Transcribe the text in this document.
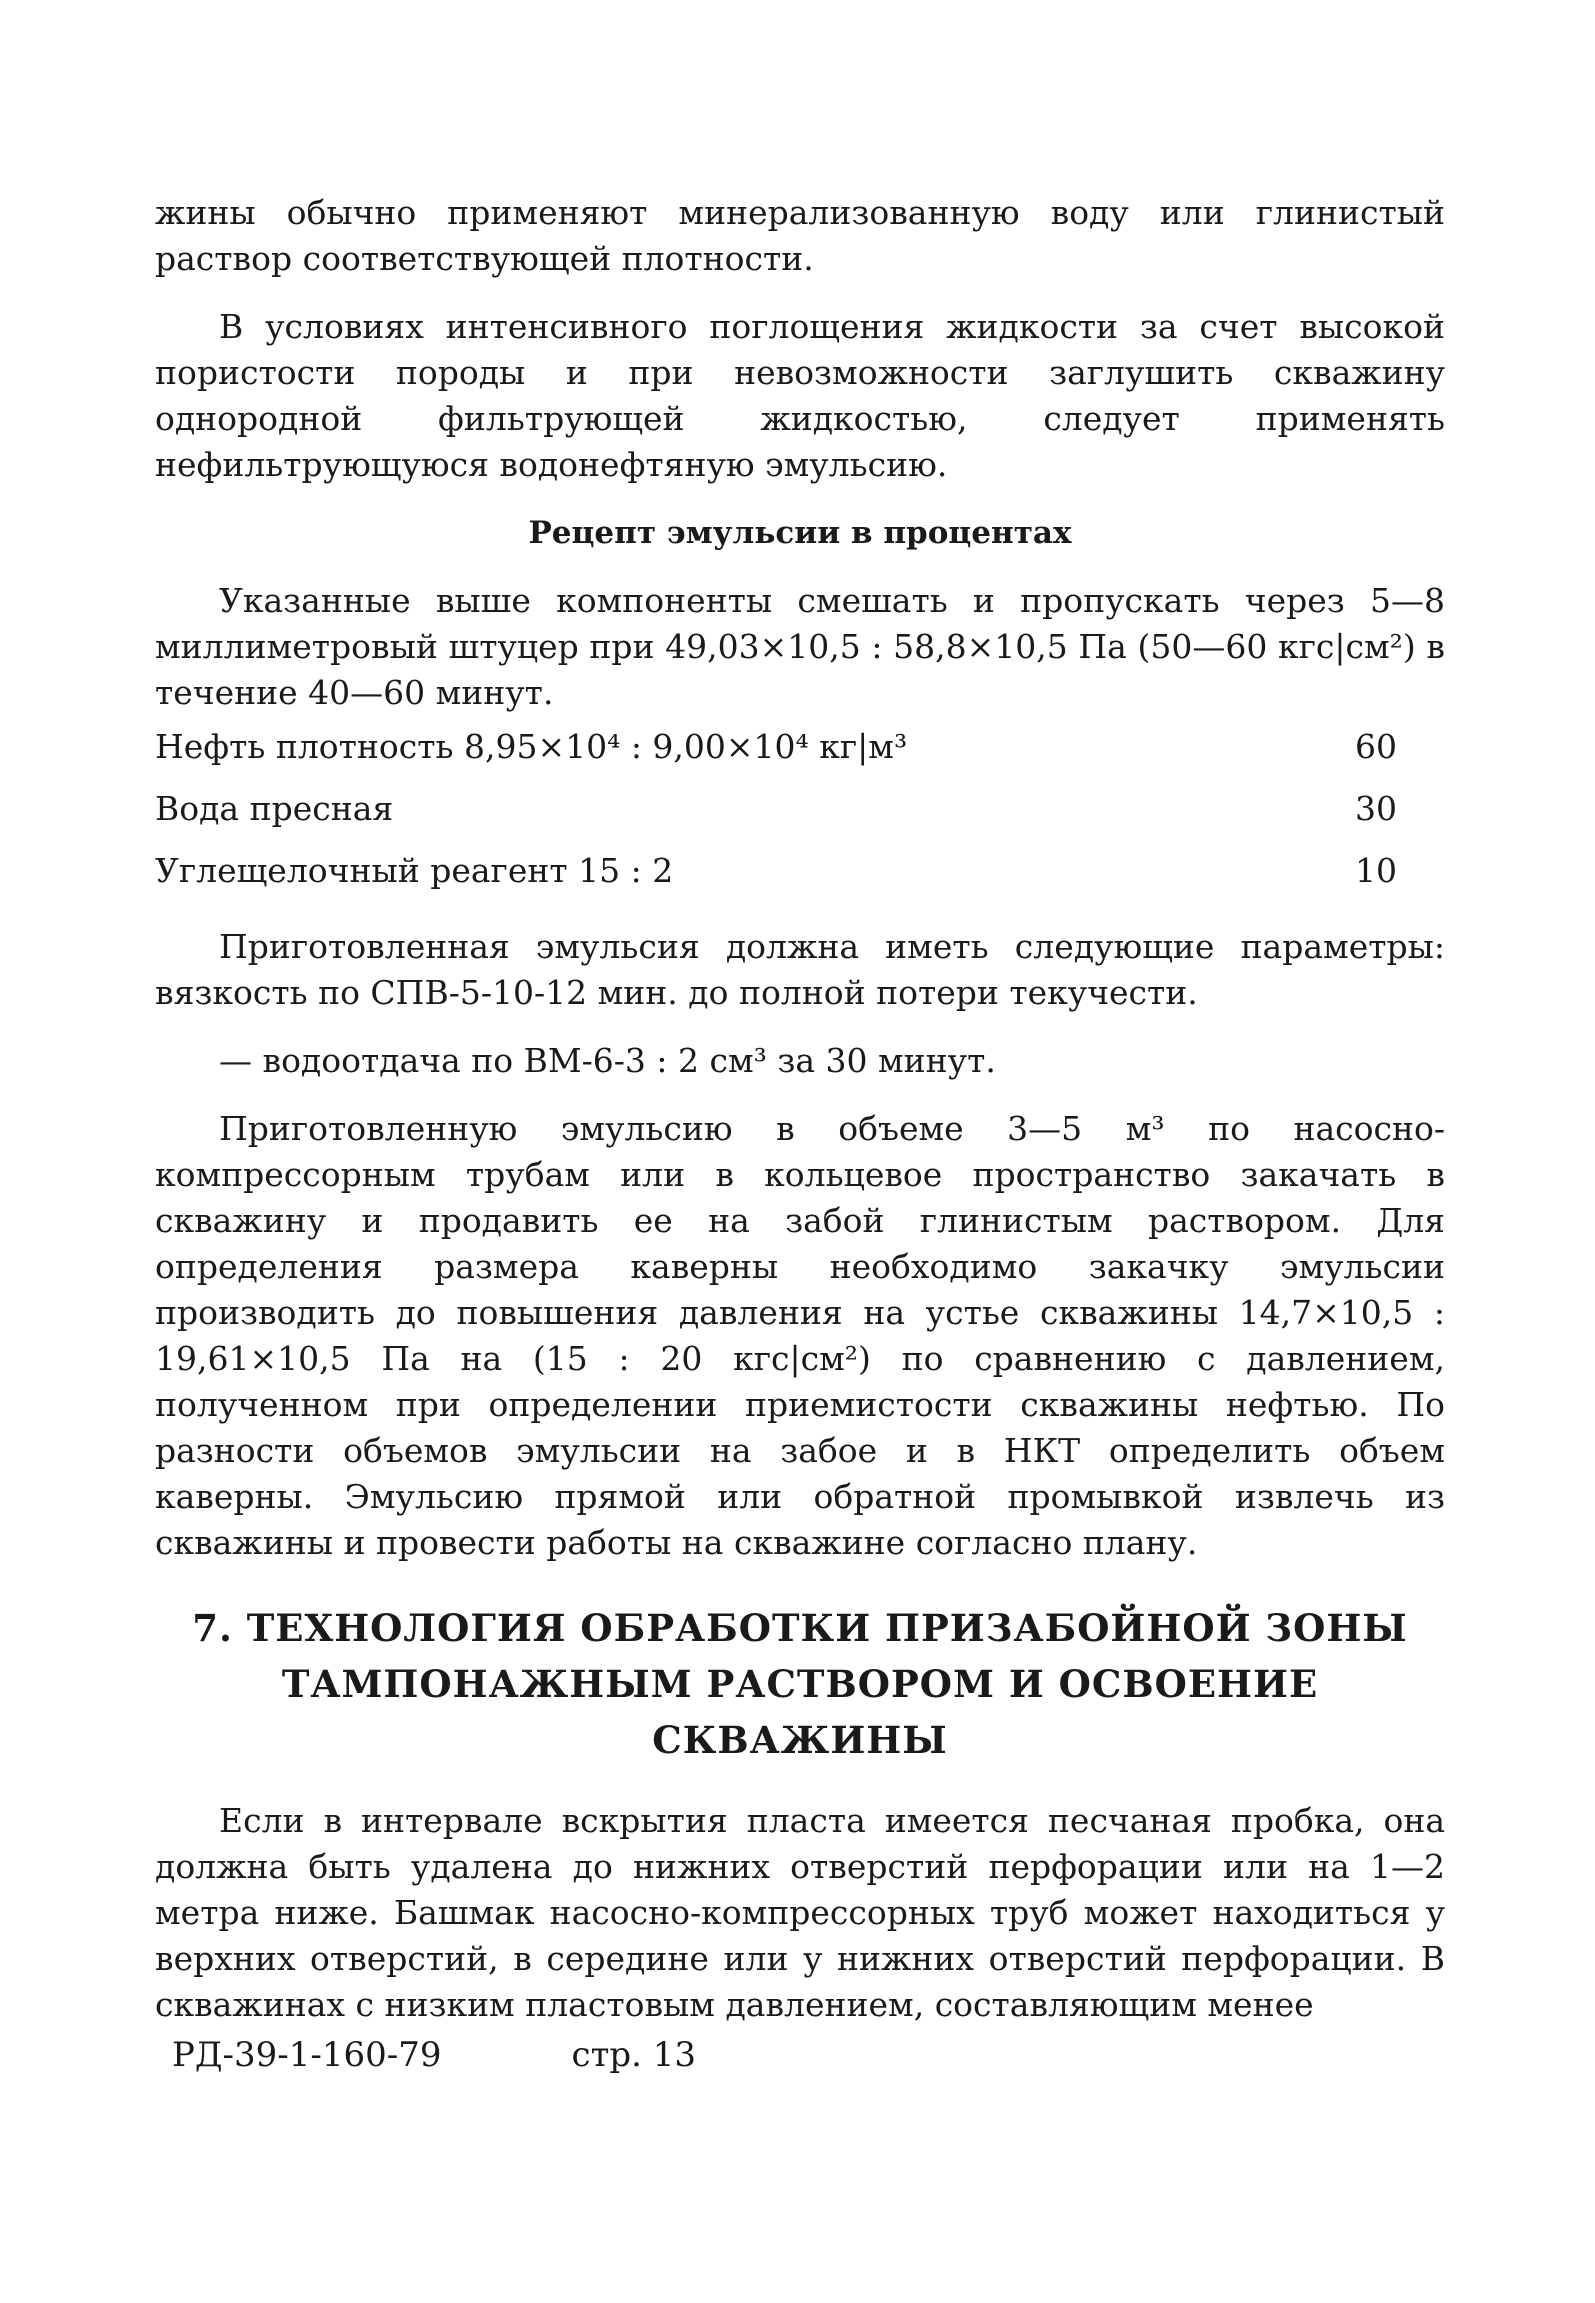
жины обычно применяют минерализованную воду или глинистый раствор соответствующей плотности.

В условиях интенсивного поглощения жидкости за счет высокой пористости породы и при невозможности заглушить скважину однородной фильтрующей жидкостью, следует применять нефильтрующуюся водонефтяную эмульсию.

Рецепт эмульсии в процентах

Указанные выше компоненты смешать и пропускать через 5—8 миллиметровый штуцер при 49,03×10,5 : 58,8×10,5 Па (50—60 кгс|см²) в течение 40—60 минут.

Нефть плотность 8,95×10⁴ : 9,00×10⁴ кг|м³	60
Вода пресная	30
Углещелочный реагент 15 : 2	10

Приготовленная эмульсия должна иметь следующие параметры: вязкость по СПВ-5-10-12 мин. до полной потери текучести.

— водоотдача по ВМ-6-3 : 2 см³ за 30 минут.

Приготовленную эмульсию в объеме 3—5 м³ по насосно-компрессорным трубам или в кольцевое пространство закачать в скважину и продавить ее на забой глинистым раствором. Для определения размера каверны необходимо закачку эмульсии производить до повышения давления на устье скважины 14,7×10,5 : 19,61×10,5 Па на (15 : 20 кгс|см²) по сравнению с давлением, полученном при определении приемистости скважины нефтью. По разности объемов эмульсии на забое и в НКТ определить объем каверны. Эмульсию прямой или обратной промывкой извлечь из скважины и провести работы на скважине согласно плану.

7. ТЕХНОЛОГИЯ ОБРАБОТКИ ПРИЗАБОЙНОЙ ЗОНЫ

ТАМПОНАЖНЫМ РАСТВОРОМ И ОСВОЕНИЕ СКВАЖИНЫ

Если в интервале вскрытия пласта имеется песчаная пробка, она должна быть удалена до нижних отверстий перфорации или на 1—2 метра ниже. Башмак насосно-компрессорных труб может находиться у верхних отверстий, в середине или у нижних отверстий перфорации. В скважинах с низким пластовым давлением, составляющим менее

РД-39-1-160-79	стр. 13
